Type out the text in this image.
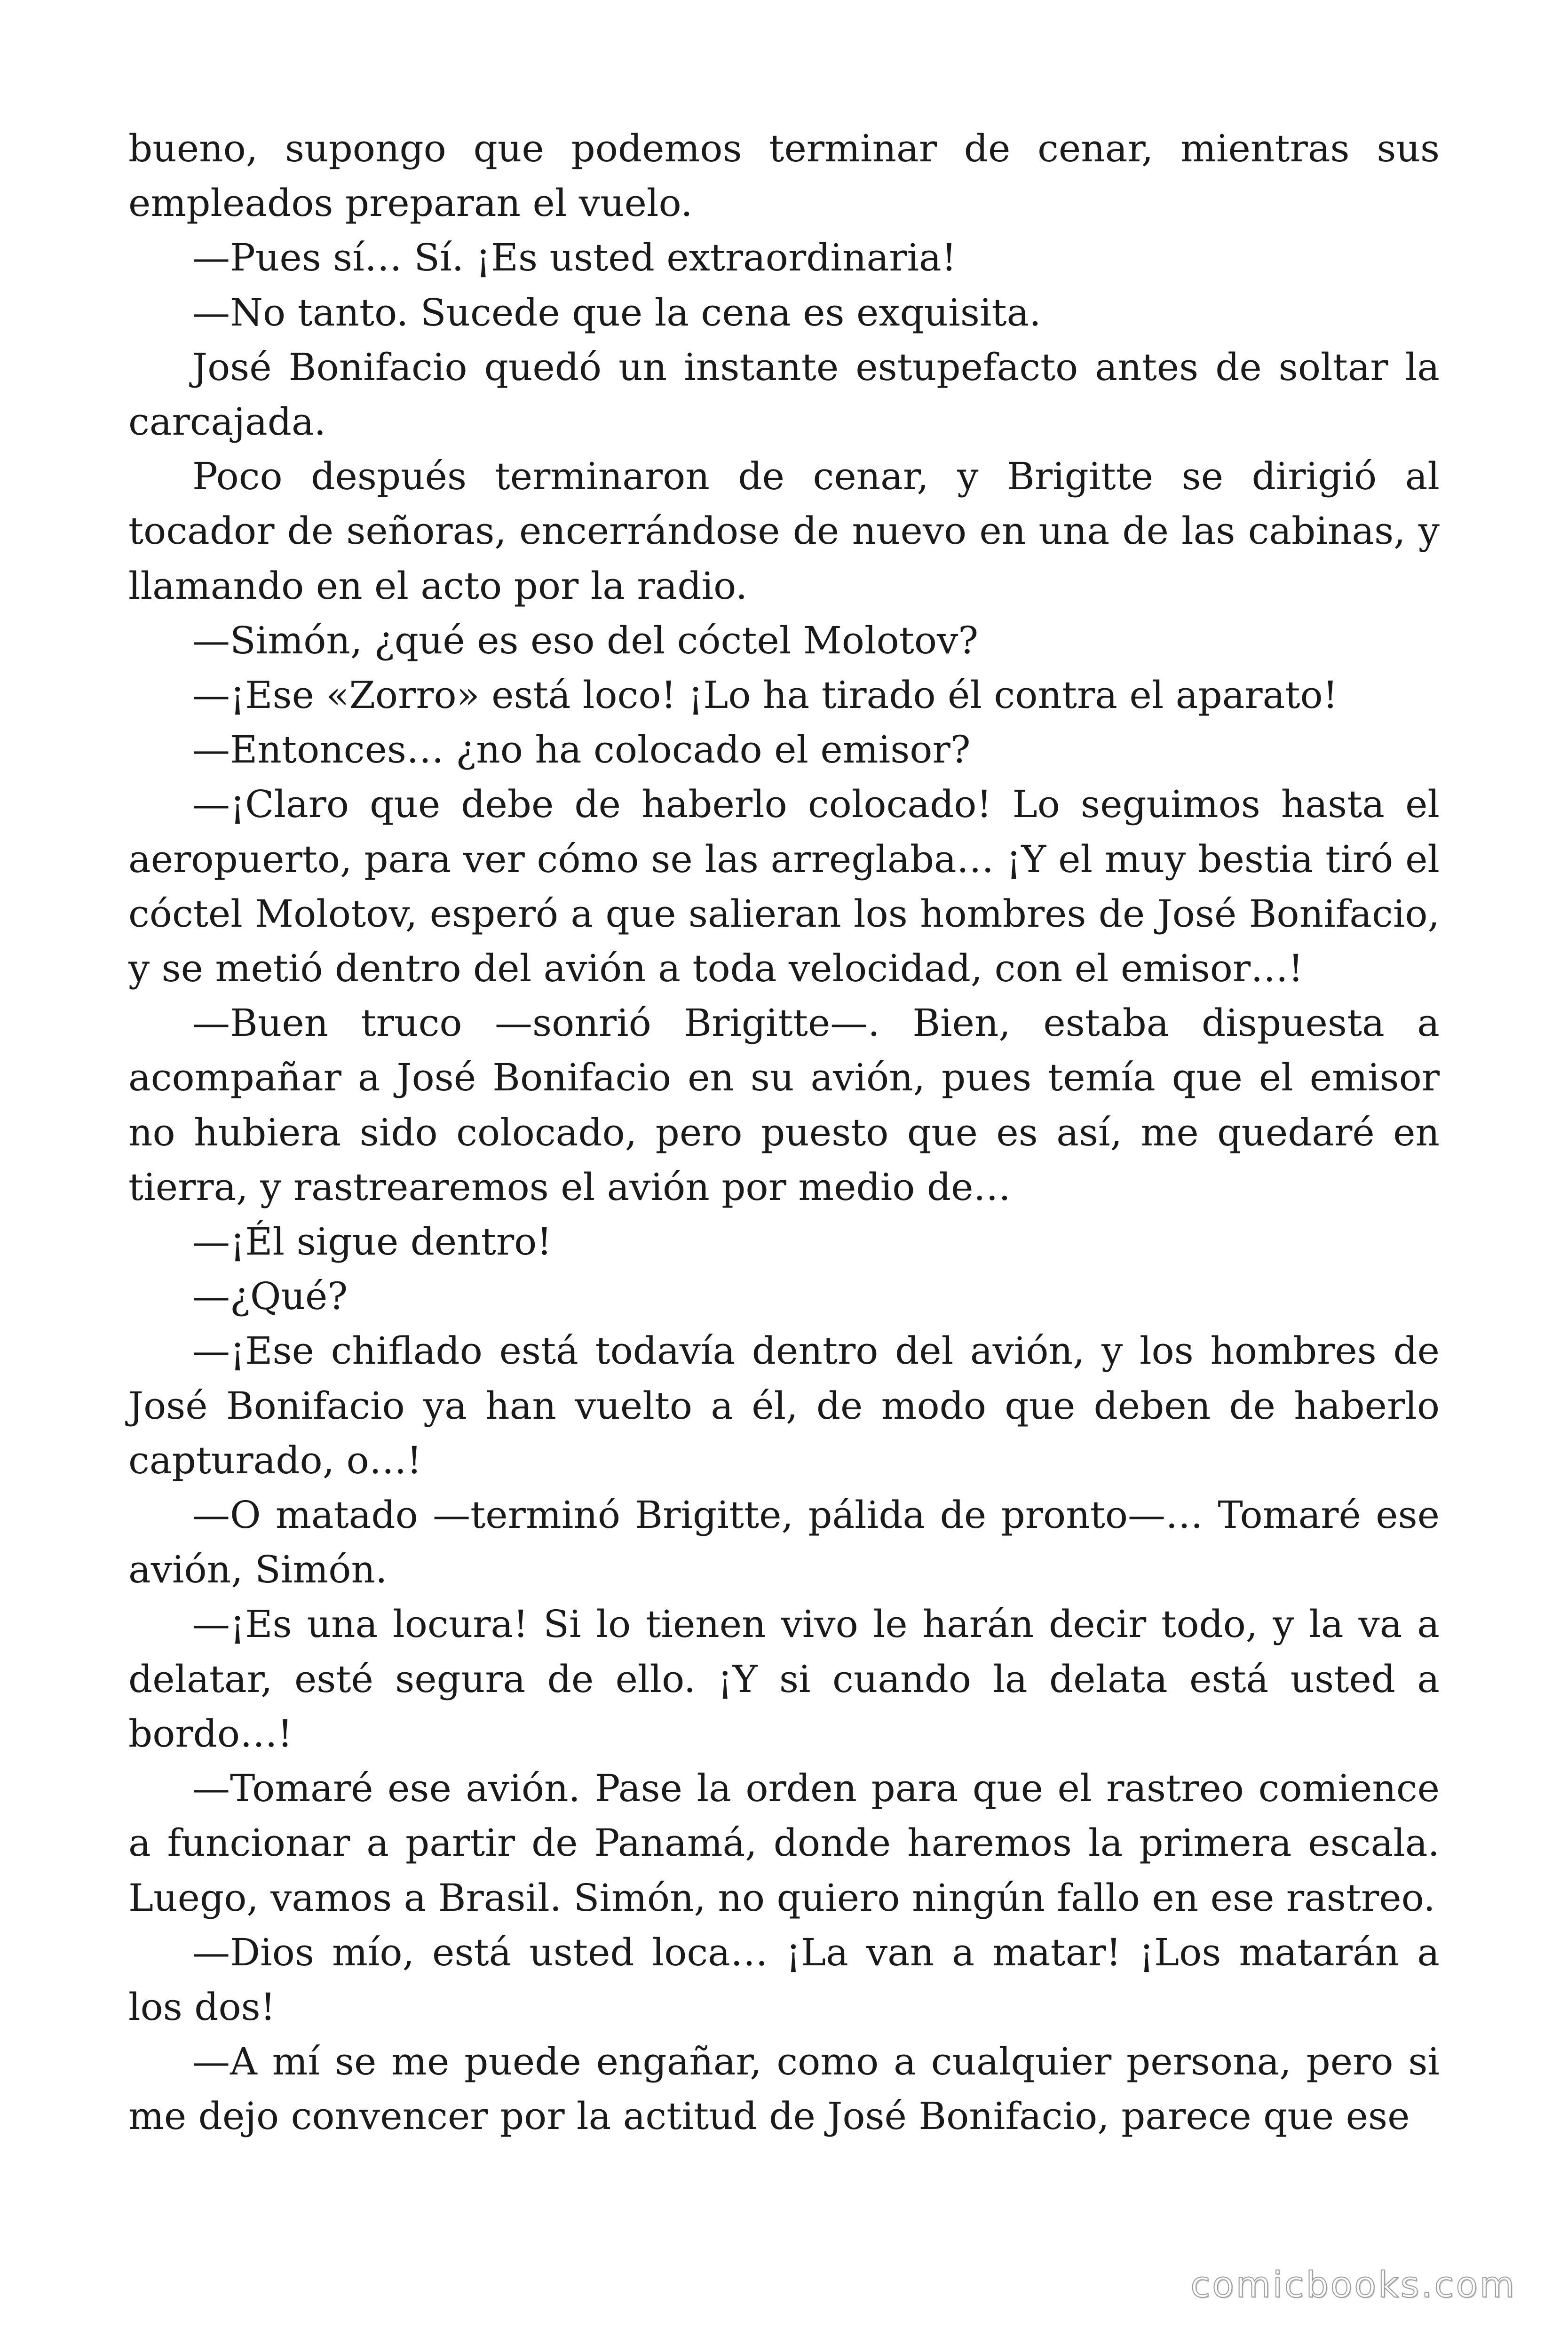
bueno, supongo que podemos terminar de cenar, mientras sus empleados preparan el vuelo.

—Pues sí… Sí. ¡Es usted extraordinaria!

—No tanto. Sucede que la cena es exquisita.

José Bonifacio quedó un instante estupefacto antes de soltar la carcajada.

Poco después terminaron de cenar, y Brigitte se dirigió al tocador de señoras, encerrándose de nuevo en una de las cabinas, y llamando en el acto por la radio.

—Simón, ¿qué es eso del cóctel Molotov?

—¡Ese «Zorro» está loco! ¡Lo ha tirado él contra el aparato!

—Entonces… ¿no ha colocado el emisor?

—¡Claro que debe de haberlo colocado! Lo seguimos hasta el aeropuerto, para ver cómo se las arreglaba… ¡Y el muy bestia tiró el cóctel Molotov, esperó a que salieran los hombres de José Bonifacio, y se metió dentro del avión a toda velocidad, con el emisor…!

—Buen truco —sonrió Brigitte—. Bien, estaba dispuesta a acompañar a José Bonifacio en su avión, pues temía que el emisor no hubiera sido colocado, pero puesto que es así, me quedaré en tierra, y rastrearemos el avión por medio de…

—¡Él sigue dentro!

—¿Qué?

—¡Ese chiflado está todavía dentro del avión, y los hombres de José Bonifacio ya han vuelto a él, de modo que deben de haberlo capturado, o…!

—O matado —terminó Brigitte, pálida de pronto—… Tomaré ese avión, Simón.

—¡Es una locura! Si lo tienen vivo le harán decir todo, y la va a delatar, esté segura de ello. ¡Y si cuando la delata está usted a bordo…!

—Tomaré ese avión. Pase la orden para que el rastreo comience a funcionar a partir de Panamá, donde haremos la primera escala. Luego, vamos a Brasil. Simón, no quiero ningún fallo en ese rastreo.

—Dios mío, está usted loca… ¡La van a matar! ¡Los matarán a los dos!

—A mí se me puede engañar, como a cualquier persona, pero si me dejo convencer por la actitud de José Bonifacio, parece que ese

comicbooks.com
